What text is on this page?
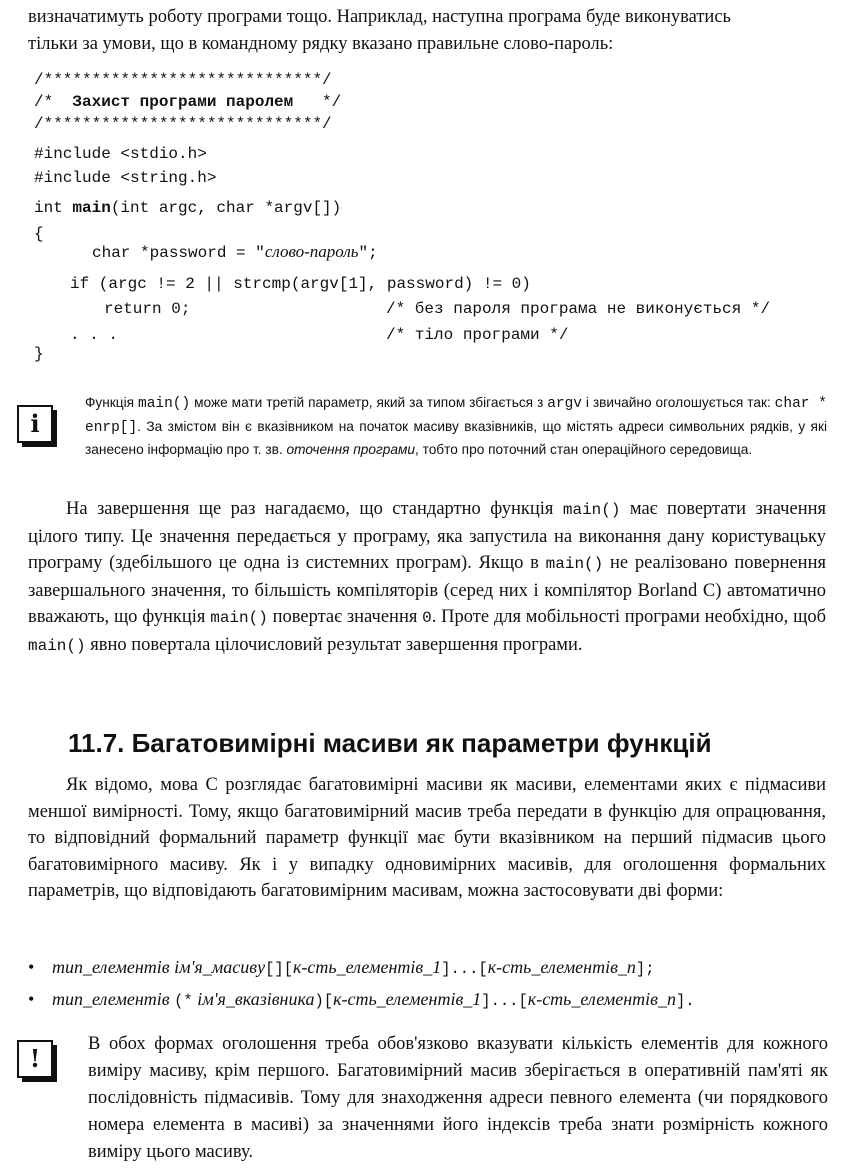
визначатимуть роботу програми тощо. Наприклад, наступна програма буде виконуватись

тільки за умови, що в командному рядку вказано правильне слово-пароль:

/*****************************/

/*  Захист програми паролем   */

/*****************************/

#include <stdio.h>

#include <string.h>

int main(int argc, char *argv[])

{

char *password = "слово-пароль";

if (argc != 2 || strcmp(argv[1], password) != 0)

return 0;

	/* без пароля програма не виконується */

. . .

	/* тіло програми */

}

i

Функція main() може мати третій параметр, який за типом збігається з argv і звичайно оголошується так: char * enrp[]. За змістом він є вказівником на початок масиву вказівників, що містять адреси символьних рядків, у які занесено інформацію про т. зв. оточення програми, тобто про поточний стан операційного середовища.

На завершення ще раз нагадаємо, що стандартно функція main() має повертати значення цілого типу. Це значення передається у програму, яка запустила на виконання дану користувацьку програму (здебільшого це одна із системних програм). Якщо в main() не реалізовано повернення завершального значення, то більшість компіляторів (серед них і компілятор Borland C) автоматично вважають, що функція main() повертає значення 0. Проте для мобільності програми необхідно, щоб main() явно повертала цілочисловий результат завершення програми.

11.7. Багатовимірні масиви як параметри функцій

Як відомо, мова C розглядає багатовимірні масиви як масиви, елементами яких є підмасиви меншої вимірності. Тому, якщо багатовимірний масив треба передати в функцію для опрацювання, то відповідний формальний параметр функції має бути вказівником на перший підмасив цього багатовимірного масиву. Як і у випадку одновимірних масивів, для оголошення формальних параметрів, що відповідають багатовимірним масивам, можна застосовувати дві форми:

• тип_елементів ім'я_масиву[][к-сть_елементів_1]...[к-сть_елементів_n];
• тип_елементів (* ім'я_вказівника)[к-сть_елементів_1]...[к-сть_елементів_n].
!	В обох формах оголошення треба обов'язково вказувати кількість елементів для кожного виміру масиву, крім першого. Багатовимірний масив зберігається в оперативній пам'яті як послідовність підмасивів. Тому для знаходження адреси певного елемента (чи порядкового номера елемента в масиві) за значеннями його індексів треба знати розмірність кожного виміру цього масиву.
